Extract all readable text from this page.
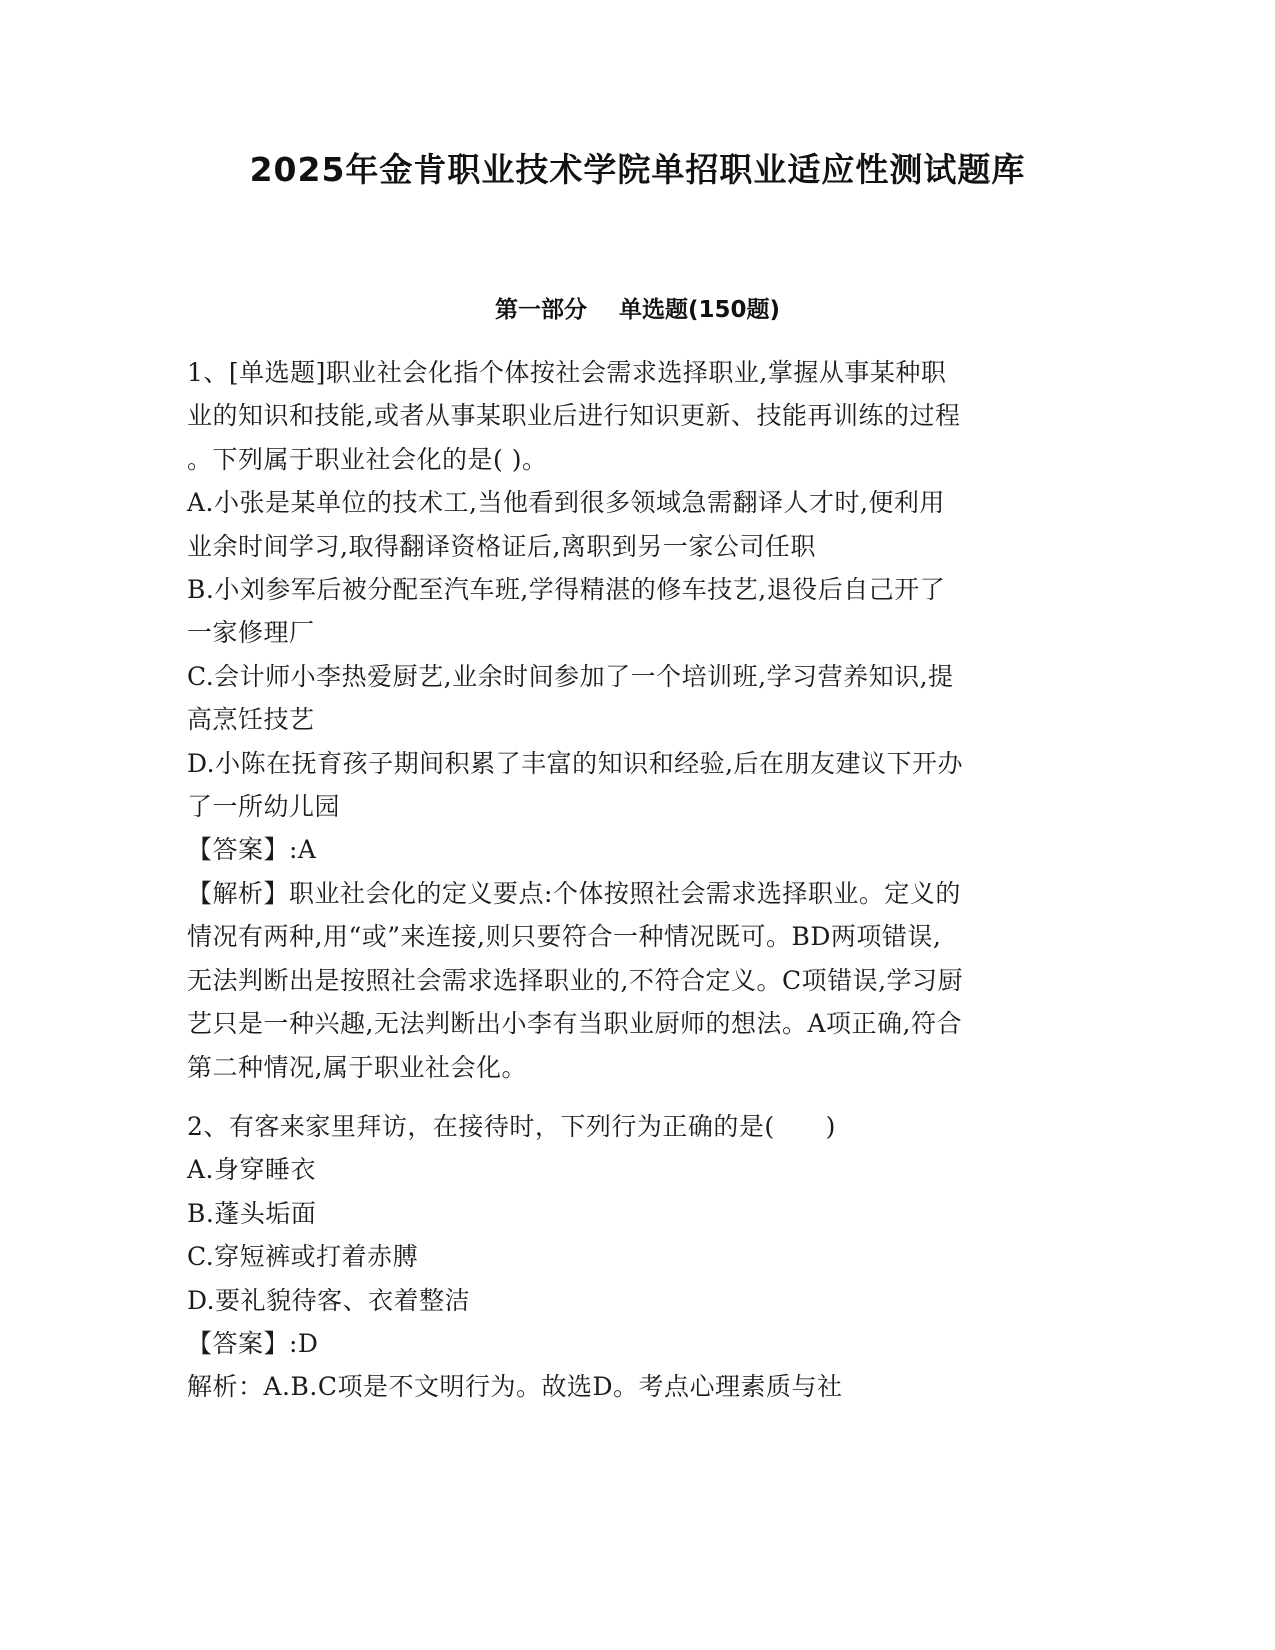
2025年金肯职业技术学院单招职业适应性测试题库
第一部分    单选题(150题)
1、[单选题]职业社会化指个体按社会需求选择职业,掌握从事某种职
业的知识和技能,或者从事某职业后进行知识更新、技能再训练的过程
。下列属于职业社会化的是( )。
A.小张是某单位的技术工,当他看到很多领域急需翻译人才时,便利用
业余时间学习,取得翻译资格证后,离职到另一家公司任职
B.小刘参军后被分配至汽车班,学得精湛的修车技艺,退役后自己开了
一家修理厂
C.会计师小李热爱厨艺,业余时间参加了一个培训班,学习营养知识,提
高烹饪技艺
D.小陈在抚育孩子期间积累了丰富的知识和经验,后在朋友建议下开办
了一所幼儿园
【答案】:A
【解析】职业社会化的定义要点:个体按照社会需求选择职业。定义的
情况有两种,用“或”来连接,则只要符合一种情况既可。BD两项错误,
无法判断出是按照社会需求选择职业的,不符合定义。C项错误,学习厨
艺只是一种兴趣,无法判断出小李有当职业厨师的想法。A项正确,符合
第二种情况,属于职业社会化。
2、有客来家里拜访，在接待时，下列行为正确的是(　　)
A.身穿睡衣
B.蓬头垢面
C.穿短裤或打着赤膊
D.要礼貌待客、衣着整洁
【答案】:D
解析：A.B.C项是不文明行为。故选D。考点心理素质与社
